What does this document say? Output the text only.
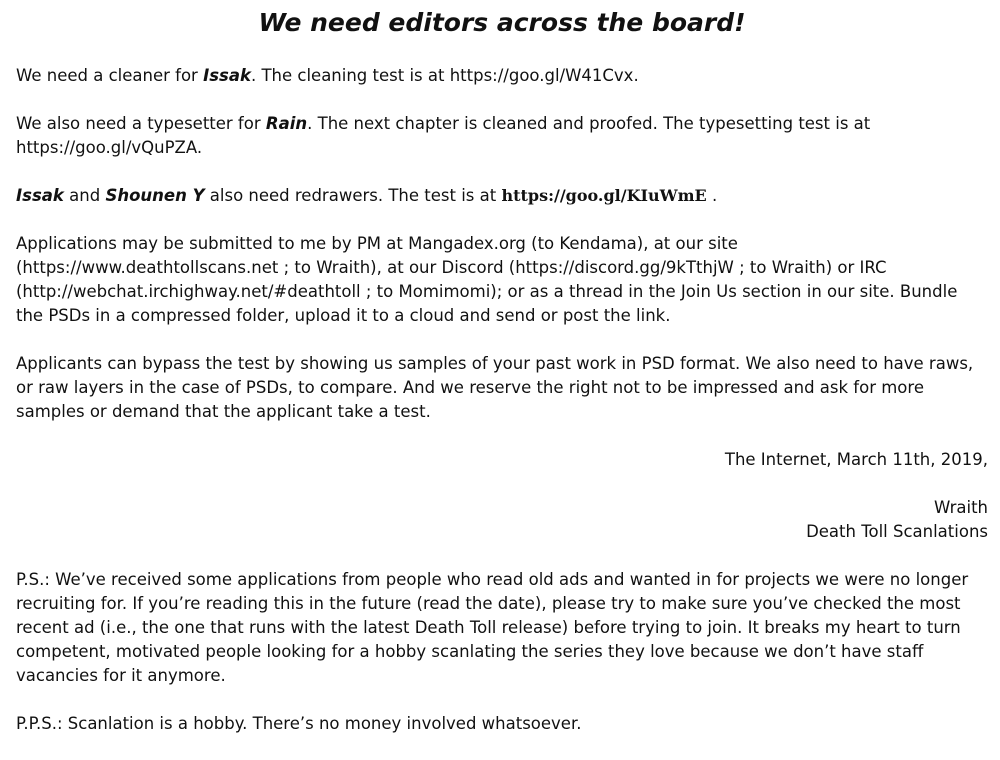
We need editors across the board!

We need a cleaner for Issak. The cleaning test is at https://goo.gl/W41Cvx.

We also need a typesetter for Rain. The next chapter is cleaned and proofed. The typesetting test is at https://goo.gl/vQuPZA.

Issak and Shounen Y also need redrawers. The test is at https://goo.gl/KIuWmE .

Applications may be submitted to me by PM at Mangadex.org (to Kendama), at our site (https://www.deathtollscans.net ; to Wraith), at our Discord (https://discord.gg/9kTthjW ; to Wraith) or IRC (http://webchat.irchighway.net/#deathtoll ; to Momimomi); or as a thread in the Join Us section in our site. Bundle the PSDs in a compressed folder, upload it to a cloud and send or post the link.

Applicants can bypass the test by showing us samples of your past work in PSD format. We also need to have raws, or raw layers in the case of PSDs, to compare. And we reserve the right not to be impressed and ask for more samples or demand that the applicant take a test.

The Internet, March 11th, 2019,
Wraith
Death Toll Scanlations

P.S.: We’ve received some applications from people who read old ads and wanted in for projects we were no longer recruiting for. If you’re reading this in the future (read the date), please try to make sure you’ve checked the most recent ad (i.e., the one that runs with the latest Death Toll release) before trying to join. It breaks my heart to turn competent, motivated people looking for a hobby scanlating the series they love because we don’t have staff vacancies for it anymore.

P.P.S.: Scanlation is a hobby. There’s no money involved whatsoever.
